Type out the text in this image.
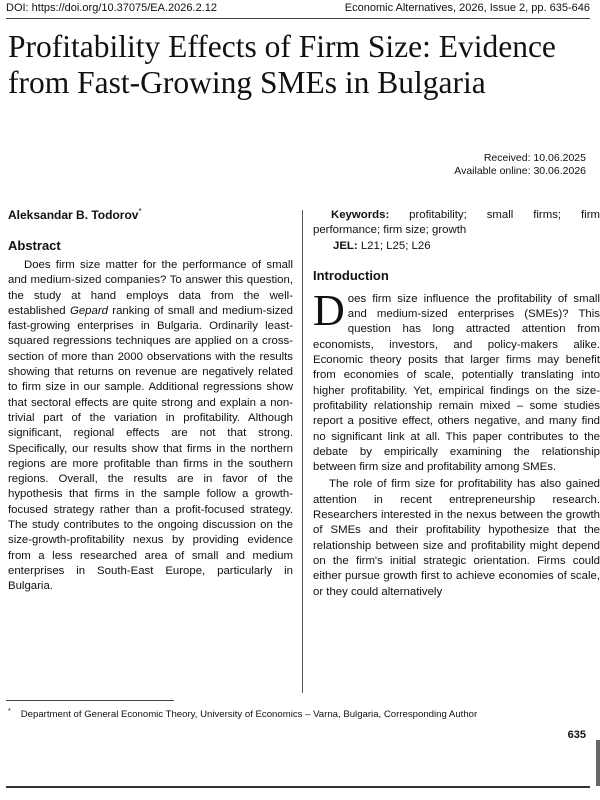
DOI: https://doi.org/10.37075/EA.2026.2.12	Economic Alternatives, 2026, Issue 2, pp. 635-646
Profitability Effects of Firm Size: Evidence from Fast-Growing SMEs in Bulgaria
Received: 10.06.2025
Available online: 30.06.2026
Aleksandar B. Todorov*
Abstract

Does firm size matter for the performance of small and medium-sized companies? To answer this question, the study at hand employs data from the well-established Gepard ranking of small and medium-sized fast-growing enterprises in Bulgaria. Ordinarily least-squared regressions techniques are applied on a cross-section of more than 2000 observations with the results showing that returns on revenue are negatively related to firm size in our sample. Additional regressions show that sectoral effects are quite strong and explain a non-trivial part of the variation in profitability. Although significant, regional effects are not that strong. Specifically, our results show that firms in the northern regions are more profitable than firms in the southern regions. Overall, the results are in favor of the hypothesis that firms in the sample follow a growth-focused strategy rather than a profit-focused strategy. The study contributes to the ongoing discussion on the size-growth-profitability nexus by providing evidence from a less researched area of small and medium enterprises in South-East Europe, particularly in Bulgaria.

Keywords: profitability; small firms; firm performance; firm size; growth

JEL: L21; L25; L26

Introduction

Does firm size influence the profitability of small and medium-sized enterprises (SMEs)? This question has long attracted attention from economists, investors, and policy-makers alike. Economic theory posits that larger firms may benefit from economies of scale, potentially translating into higher profitability. Yet, empirical findings on the size-profitability relationship remain mixed – some studies report a positive effect, others negative, and many find no significant link at all. This paper contributes to the debate by empirically examining the relationship between firm size and profitability among SMEs.

The role of firm size for profitability has also gained attention in recent entrepreneurship research. Researchers interested in the nexus between the growth of SMEs and their profitability hypothesize that the relationship between size and profitability might depend on the firm's initial strategic orientation. Firms could either pursue growth first to achieve economies of scale, or they could alternatively

* Department of General Economic Theory, University of Economics – Varna, Bulgaria, Corresponding Author
635
